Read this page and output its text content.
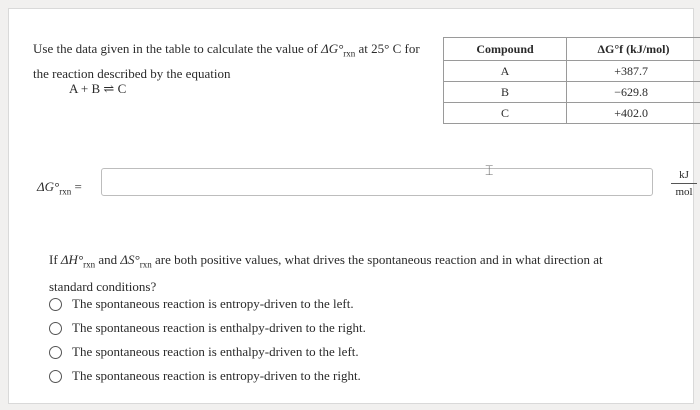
Use the data given in the table to calculate the value of $\Delta G^\circ_{rxn}$ at 25° C for the reaction described by the equation
A + B ⇌ C
Compound	ΔG°f (kJ/mol)
A	+387.7
B	−629.8
C	+402.0
$\Delta G^\circ_{rxn}$ =
⌶	kJ
mol
If $\Delta H^\circ_{rxn}$ and $\Delta S^\circ_{rxn}$ are both positive values, what drives the spontaneous reaction and in what direction at standard conditions?
The spontaneous reaction is entropy-driven to the left.
The spontaneous reaction is enthalpy-driven to the right.
The spontaneous reaction is enthalpy-driven to the left.
The spontaneous reaction is entropy-driven to the right.
